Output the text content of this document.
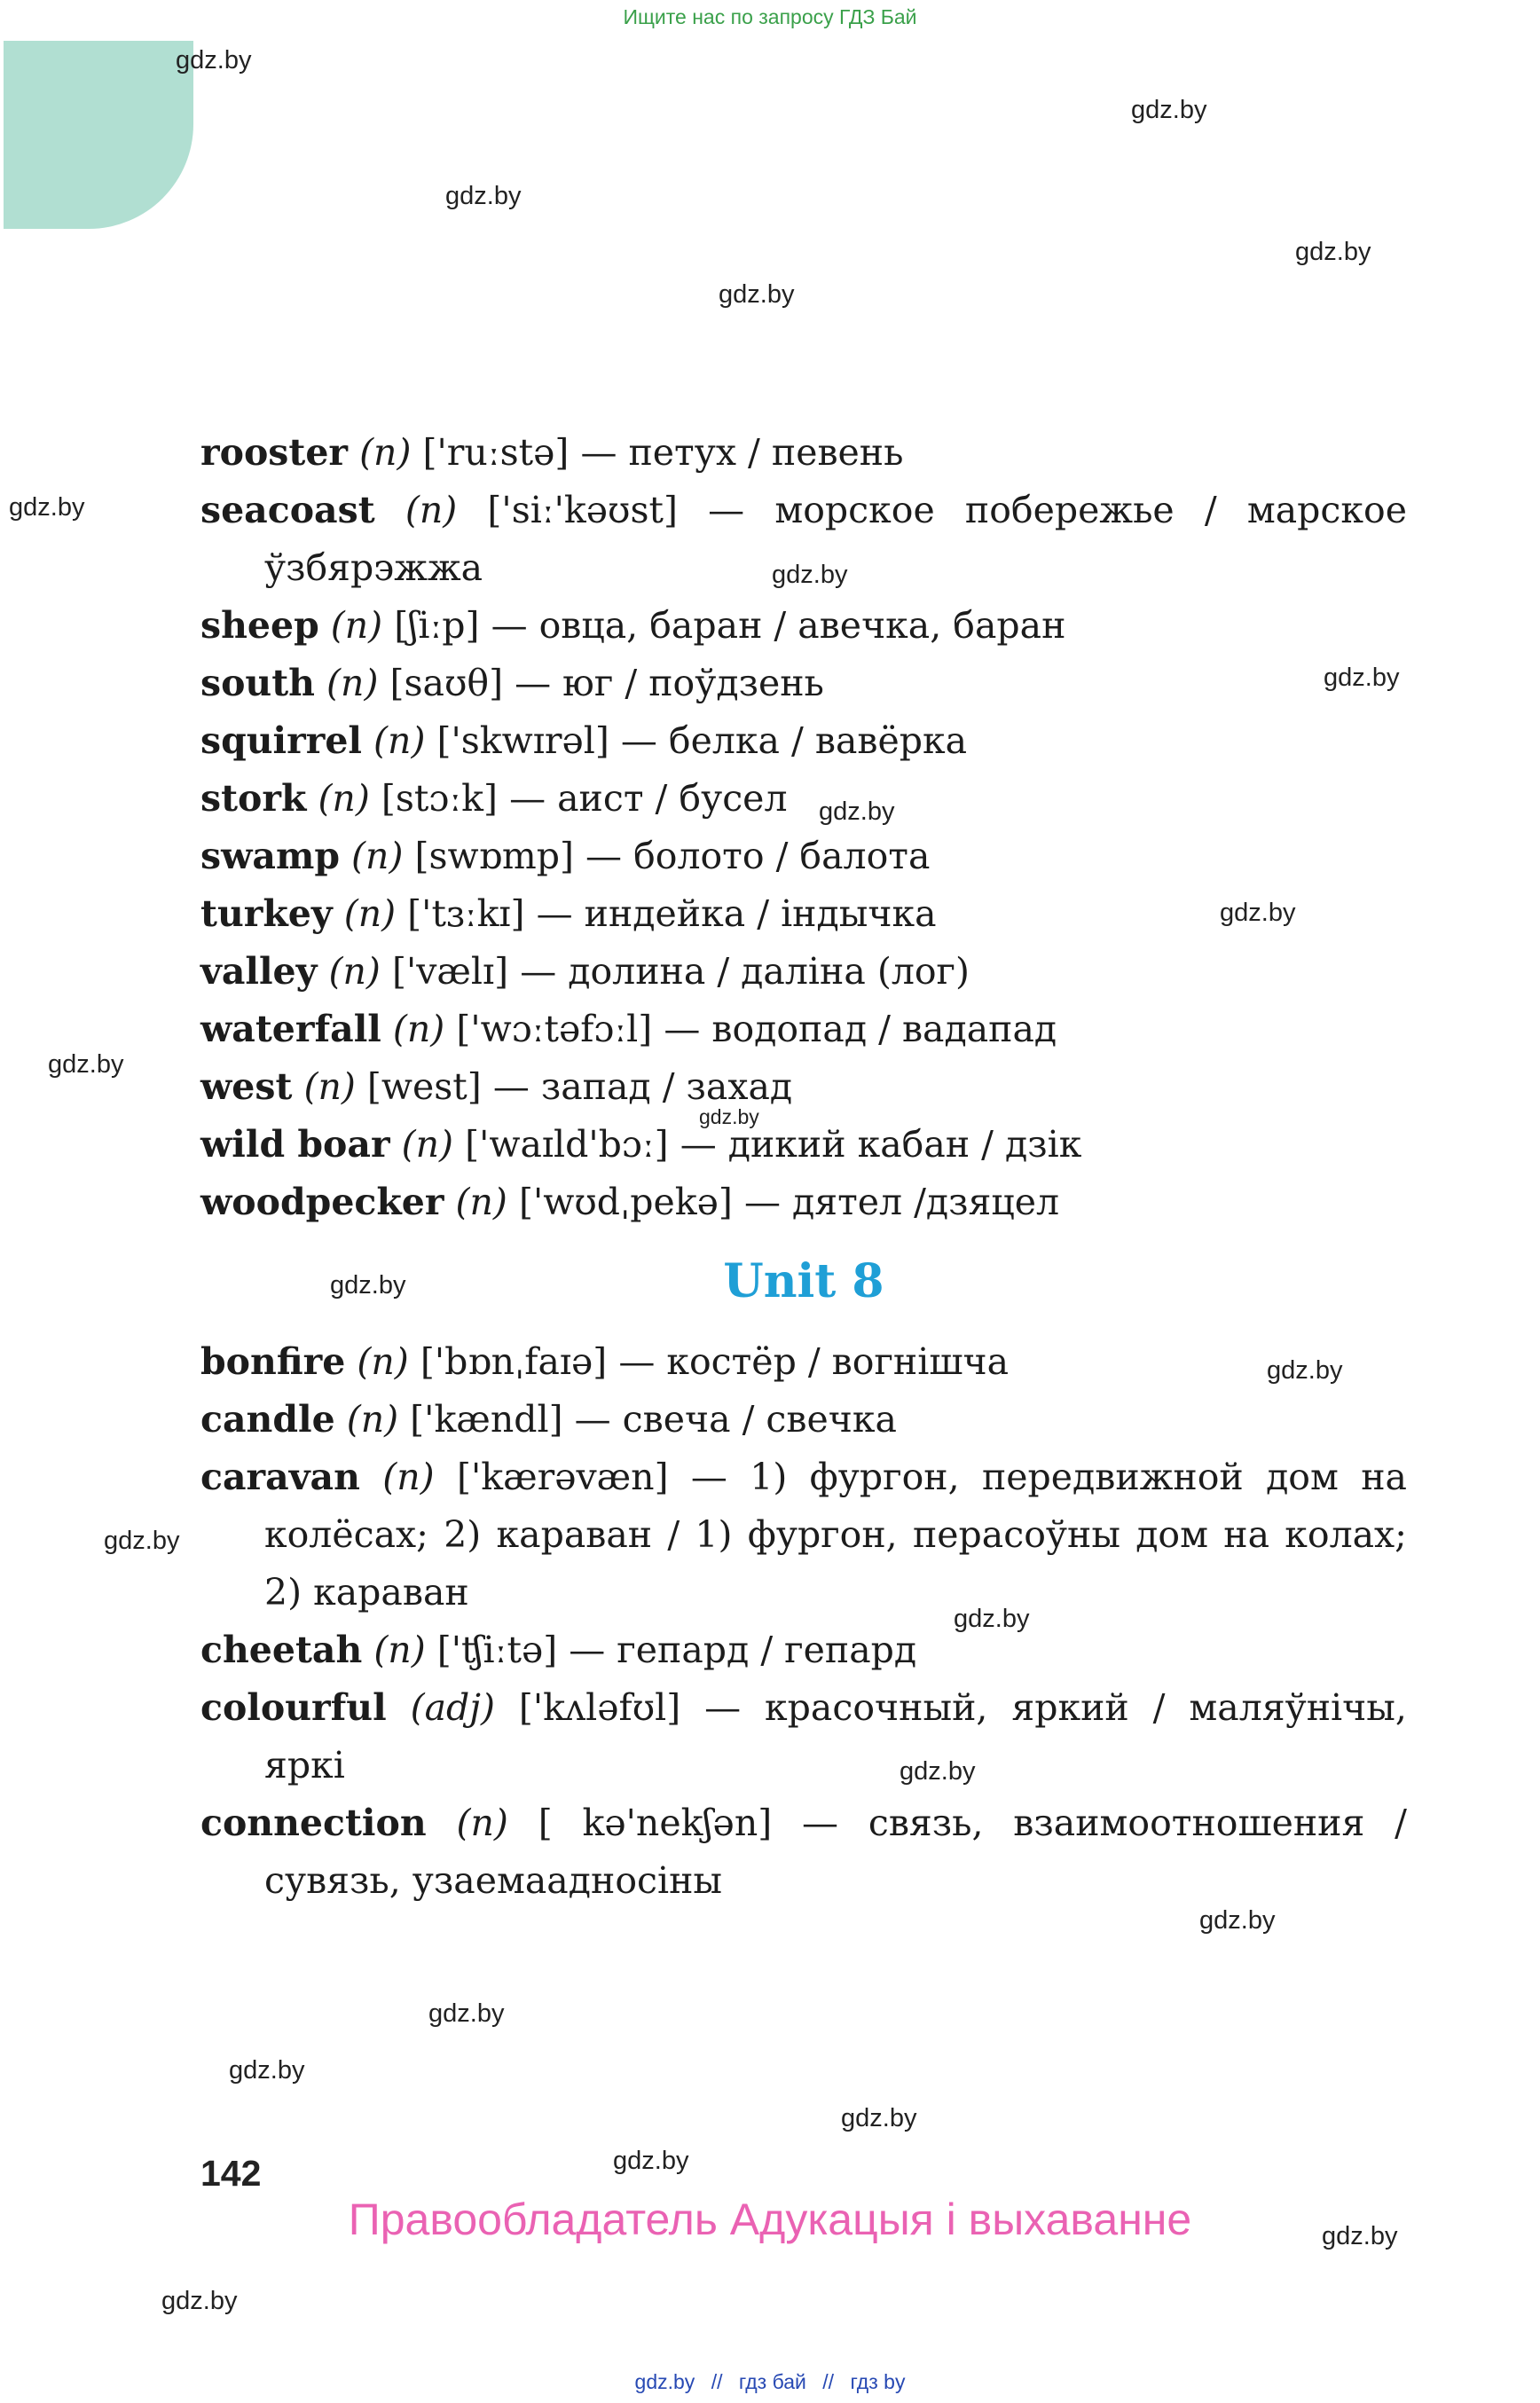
Ищите нас по запросу ГДЗ Бай
gdz.by
gdz.by
gdz.by
gdz.by
gdz.by
gdz.by
gdz.by
gdz.by
gdz.by
gdz.by
gdz.by
gdz.by
gdz.by
gdz.by
gdz.by
gdz.by
gdz.by
gdz.by
gdz.by
gdz.by
gdz.by
gdz.by
gdz.by
gdz.by
rooster (n) ['ruːstə] — петух / певень
seacoast (n) ['siː'kəʊst] — морское побережье / марское ўзбярэжжа
sheep (n) [ʃiːp] — овца, баран / авечка, баран
south (n) [saʊθ] — юг / поўдзень
squirrel (n) ['skwɪrəl] — белка / вавёрка
stork (n) [stɔːk] — аист / бусел
swamp (n) [swɒmp] — болото / балота
turkey (n) ['tɜːkɪ] — индейка / індычка
valley (n) ['vælɪ] — долина / даліна (лог)
waterfall (n) ['wɔːtəfɔːl] — водопад / вадапад
west (n) [west] — запад / захад
wild boar (n) ['waɪld'bɔː] — дикий кабан / дзік
woodpecker (n) ['wʊdˌpekə] — дятел /дзяцел
Unit 8
bonfire (n) ['bɒnˌfaɪə] — костёр / вогнішча
candle (n) ['kændl] — свеча / свечка
caravan (n) ['kærəvæn] — 1) фургон, передвижной дом на колёсах; 2) караван / 1) фургон, перасоўны дом на колах; 2) караван
cheetah (n) ['ʧiːtə] — гепард / гепард
colourful (adj) ['kʌləfʊl] — красочный, яркий / маляўнічы, яркі
connection (n) [ kə'nekʃən] — связь, взаимоотношения / сувязь, узаемаадносіны
142
Правообладатель Адукацыя і выхаванне
gdz.by // гдз бай // гдз by
